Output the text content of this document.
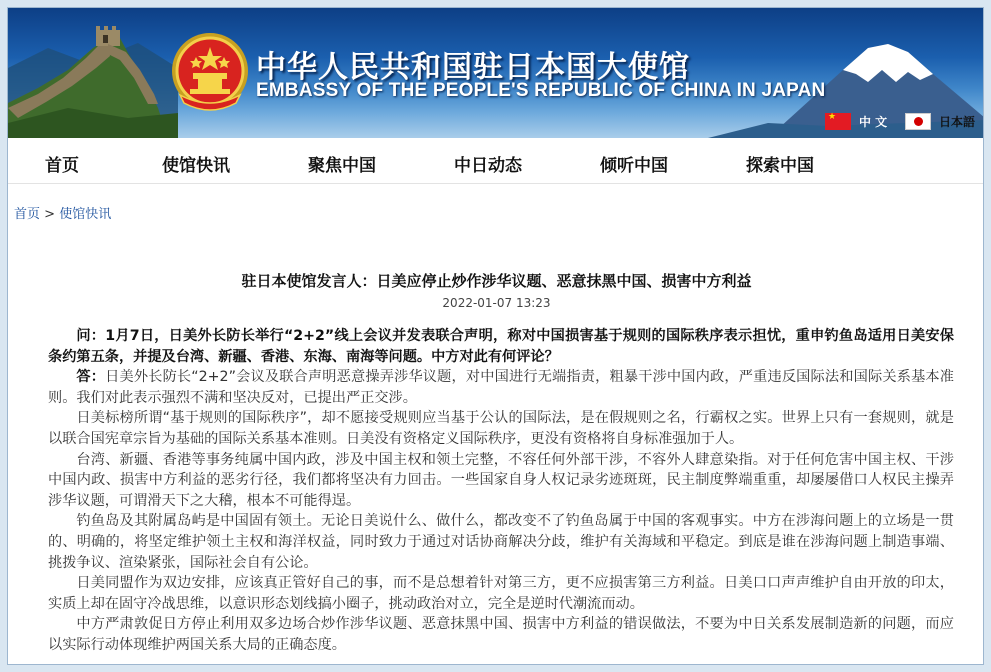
中华人民共和国驻日本国大使馆
EMBASSY OF THE PEOPLE'S REPUBLIC OF CHINA IN JAPAN
★
中 文	日本語
首页	使馆快讯	聚焦中国	中日动态	倾听中国	探索中国
首页 > 使馆快讯
驻日本使馆发言人：日美应停止炒作涉华议题、恶意抹黑中国、损害中方利益
2022-01-07 13:23

问：1月7日，日美外长防长举行“2+2”线上会议并发表联合声明，称对中国损害基于规则的国际秩序表示担忧，重申钓鱼岛适用日美安保条约第五条，并提及台湾、新疆、香港、东海、南海等问题。中方对此有何评论？

答：日美外长防长“2+2”会议及联合声明恶意操弄涉华议题，对中国进行无端指责，粗暴干涉中国内政，严重违反国际法和国际关系基本准则。我们对此表示强烈不满和坚决反对，已提出严正交涉。

日美标榜所谓“基于规则的国际秩序”，却不愿接受规则应当基于公认的国际法，是在假规则之名，行霸权之实。世界上只有一套规则，就是以联合国宪章宗旨为基础的国际关系基本准则。日美没有资格定义国际秩序，更没有资格将自身标准强加于人。

台湾、新疆、香港等事务纯属中国内政，涉及中国主权和领土完整，不容任何外部干涉，不容外人肆意染指。对于任何危害中国主权、干涉中国内政、损害中方利益的恶劣行径，我们都将坚决有力回击。一些国家自身人权记录劣迹斑斑，民主制度弊端重重，却屡屡借口人权民主操弄涉华议题，可谓滑天下之大稽，根本不可能得逞。

钓鱼岛及其附属岛屿是中国固有领土。无论日美说什么、做什么，都改变不了钓鱼岛属于中国的客观事实。中方在涉海问题上的立场是一贯的、明确的，将坚定维护领土主权和海洋权益，同时致力于通过对话协商解决分歧，维护有关海域和平稳定。到底是谁在涉海问题上制造事端、挑拨争议、渲染紧张，国际社会自有公论。

日美同盟作为双边安排，应该真正管好自己的事，而不是总想着针对第三方，更不应损害第三方利益。日美口口声声维护自由开放的印太，实质上却在固守冷战思维，以意识形态划线搞小圈子，挑动政治对立，完全是逆时代潮流而动。

中方严肃敦促日方停止利用双多边场合炒作涉华议题、恶意抹黑中国、损害中方利益的错误做法，不要为中日关系发展制造新的问题，而应以实际行动体现维护两国关系大局的正确态度。
